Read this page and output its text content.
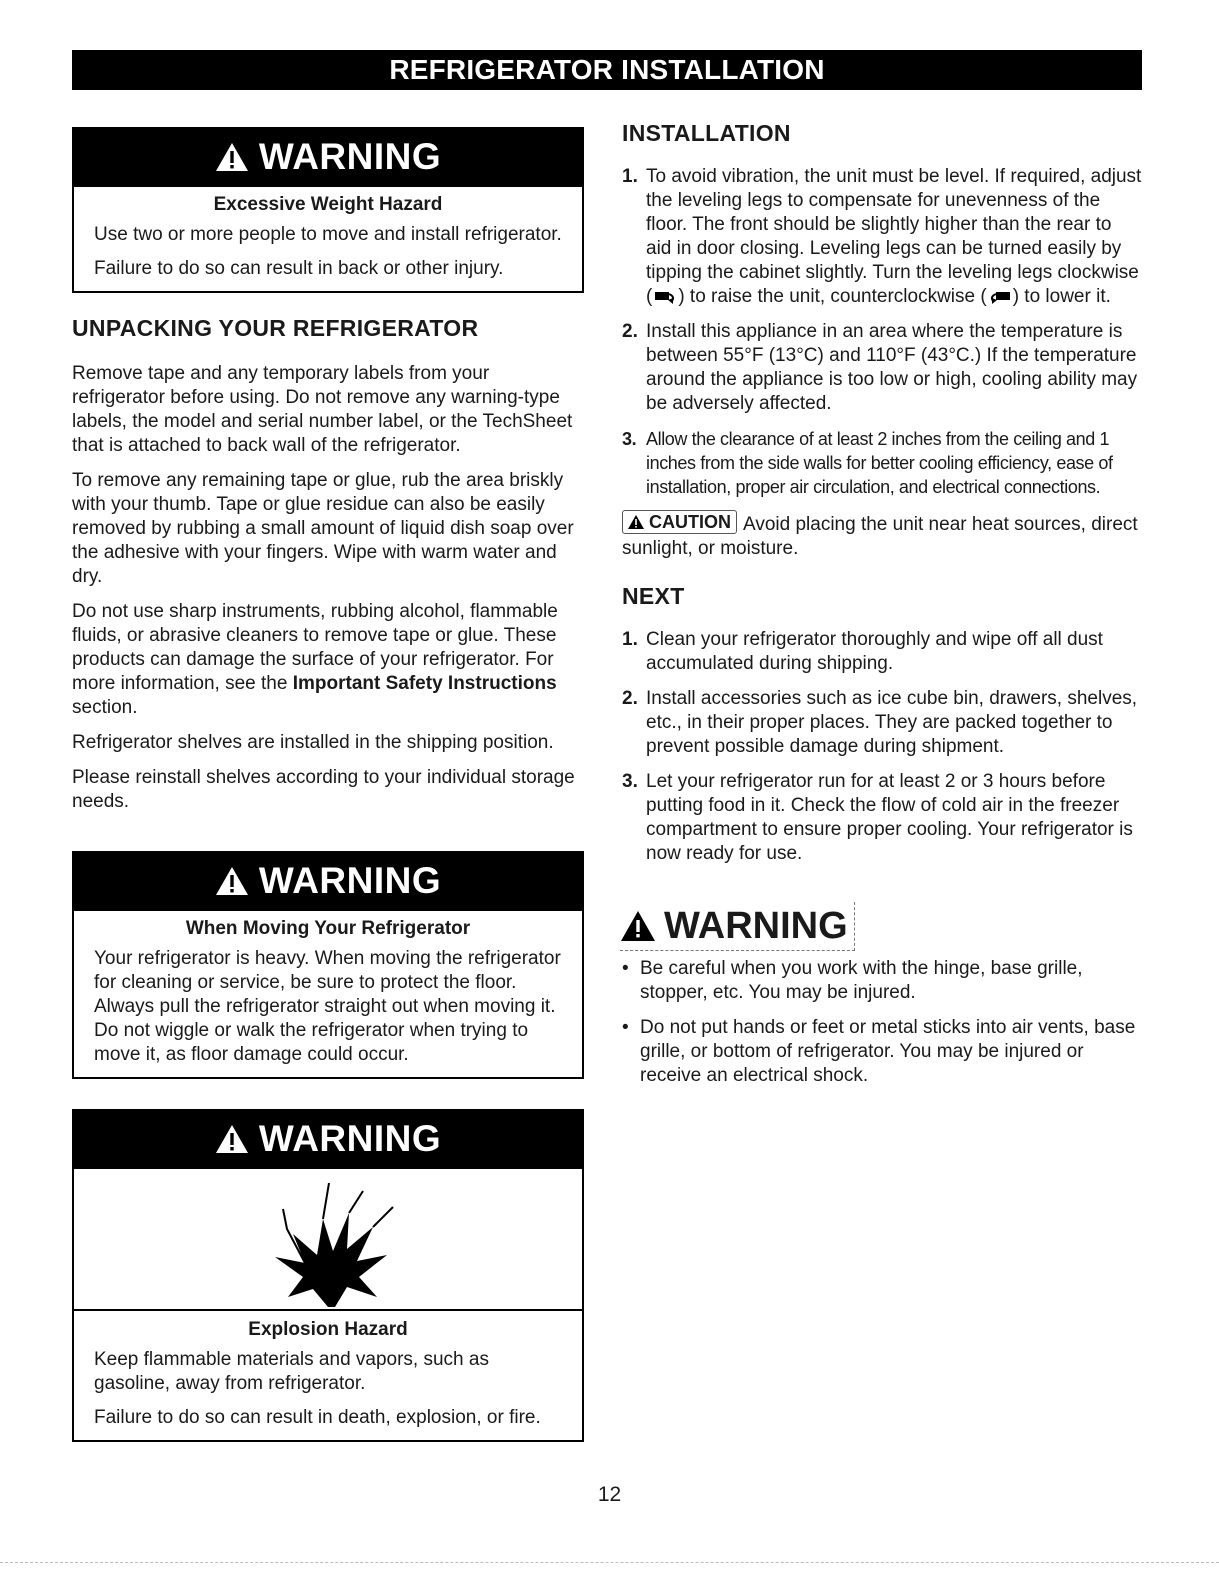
REFRIGERATOR INSTALLATION
WARNING
Excessive Weight Hazard

Use two or more people to move and install refrigerator.

Failure to do so can result in back or other injury.

UNPACKING YOUR REFRIGERATOR

Remove tape and any temporary labels from your refrigerator before using. Do not remove any warning-type labels, the model and serial number label, or the TechSheet that is attached to back wall of the refrigerator.

To remove any remaining tape or glue, rub the area briskly with your thumb. Tape or glue residue can also be easily removed by rubbing a small amount of liquid dish soap over the adhesive with your fingers. Wipe with warm water and dry.

Do not use sharp instruments, rubbing alcohol, flammable fluids, or abrasive cleaners to remove tape or glue. These products can damage the surface of your refrigerator. For more information, see the Important Safety Instructions section.

Refrigerator shelves are installed in the shipping position.

Please reinstall shelves according to your individual storage needs.

WARNING
When Moving Your Refrigerator

Your refrigerator is heavy. When moving the refrigerator for cleaning or service, be sure to protect the floor. Always pull the refrigerator straight out when moving it. Do not wiggle or walk the refrigerator when trying to move it, as floor damage could occur.

WARNING
Explosion Hazard

Keep flammable materials and vapors, such as gasoline, away from refrigerator.

Failure to do so can result in death, explosion, or fire.

INSTALLATION
1. To avoid vibration, the unit must be level. If required, adjust the leveling legs to compensate for unevenness of the floor. The front should be slightly higher than the rear to aid in door closing. Leveling legs can be turned easily by tipping the cabinet slightly. Turn the leveling legs clockwise ( ) to raise the unit, counterclockwise ( ) to lower it.
2. Install this appliance in an area where the temperature is between 55°F (13°C) and 110°F (43°C.) If the temperature around the appliance is too low or high, cooling ability may be adversely affected.
3. Allow the clearance of at least 2 inches from the ceiling and 1 inches from the side walls for better cooling efficiency, ease of installation, proper air circulation, and electrical connections.

CAUTION Avoid placing the unit near heat sources, direct sunlight, or moisture.

NEXT
1. Clean your refrigerator thoroughly and wipe off all dust accumulated during shipping.
2. Install accessories such as ice cube bin, drawers, shelves, etc., in their proper places. They are packed together to prevent possible damage during shipment.
3. Let your refrigerator run for at least 2 or 3 hours before putting food in it. Check the flow of cold air in the freezer compartment to ensure proper cooling. Your refrigerator is now ready for use.
WARNING
• Be careful when you work with the hinge, base grille, stopper, etc. You may be injured.
• Do not put hands or feet or metal sticks into air vents, base grille, or bottom of refrigerator. You may be injured or receive an electrical shock.
12
